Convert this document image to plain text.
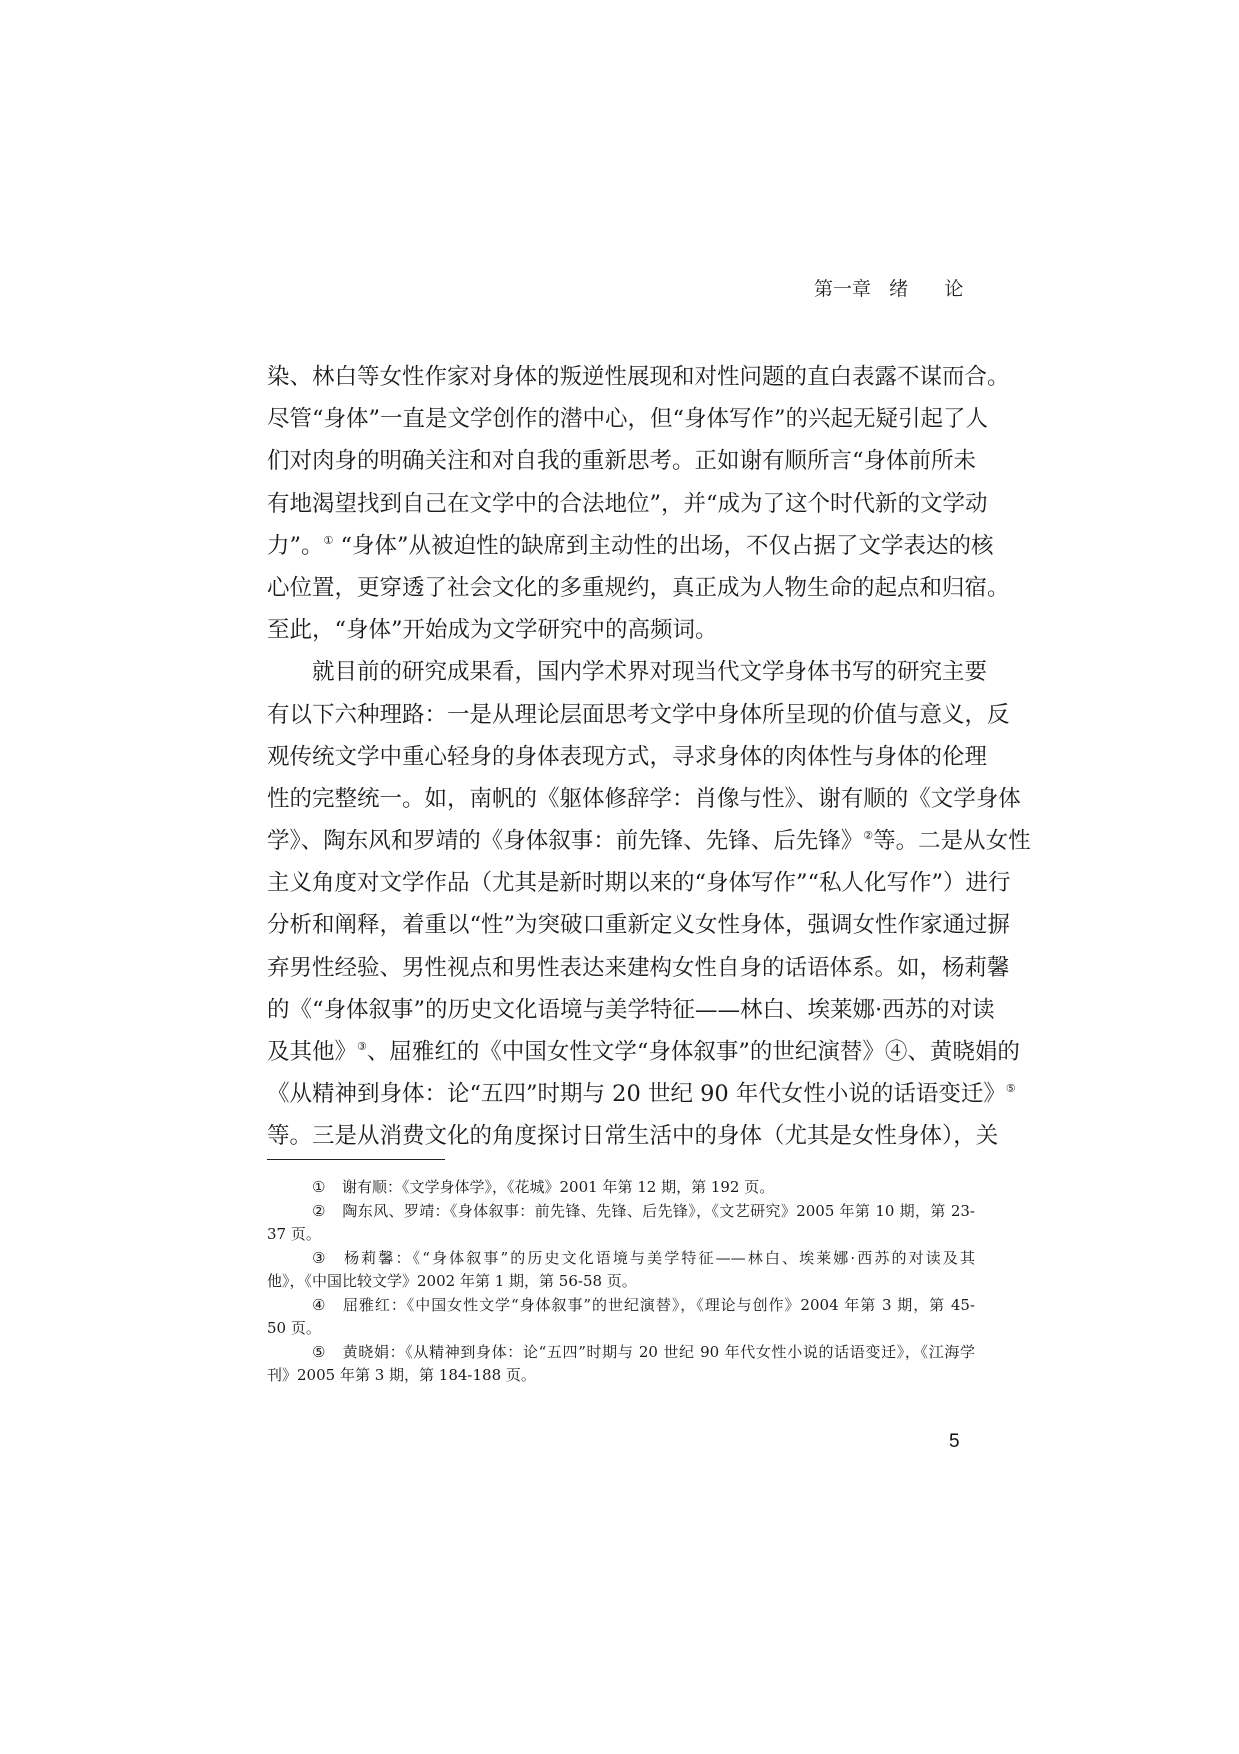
第一章   绪      论
染、林白等女性作家对身体的叛逆性展现和对性问题的直白表露不谋而合。
尽管“身体”一直是文学创作的潜中心，但“身体写作”的兴起无疑引起了人
们对肉身的明确关注和对自我的重新思考。正如谢有顺所言“身体前所未
有地渴望找到自己在文学中的合法地位”，并“成为了这个时代新的文学动
力”。① “身体”从被迫性的缺席到主动性的出场，不仅占据了文学表达的核
心位置，更穿透了社会文化的多重规约，真正成为人物生命的起点和归宿。
至此，“身体”开始成为文学研究中的高频词。
就目前的研究成果看，国内学术界对现当代文学身体书写的研究主要
有以下六种理路：一是从理论层面思考文学中身体所呈现的价值与意义，反
观传统文学中重心轻身的身体表现方式，寻求身体的肉体性与身体的伦理
性的完整统一。如，南帆的《躯体修辞学：肖像与性》、谢有顺的《文学身体
学》、陶东风和罗靖的《身体叙事：前先锋、先锋、后先锋》②等。二是从女性
主义角度对文学作品（尤其是新时期以来的“身体写作”“私人化写作”）进行
分析和阐释，着重以“性”为突破口重新定义女性身体，强调女性作家通过摒
弃男性经验、男性视点和男性表达来建构女性自身的话语体系。如，杨莉馨
的《“身体叙事”的历史文化语境与美学特征——林白、埃莱娜·西苏的对读
及其他》③、屈雅红的《中国女性文学“身体叙事”的世纪演替》④、黄晓娟的
《从精神到身体：论“五四”时期与 20 世纪 90 年代女性小说的话语变迁》⑤
等。三是从消费文化的角度探讨日常生活中的身体（尤其是女性身体），关
① 谢有顺：《文学身体学》，《花城》2001 年第 12 期，第 192 页。
② 陶东风、罗靖：《身体叙事：前先锋、先锋、后先锋》，《文艺研究》2005 年第 10 期，第 23-
37 页。
③ 杨莉馨：《“身体叙事”的历史文化语境与美学特征——林白、埃莱娜·西苏的对读及其
他》，《中国比较文学》2002 年第 1 期，第 56-58 页。
④ 屈雅红：《中国女性文学“身体叙事”的世纪演替》，《理论与创作》2004 年第 3 期，第 45-
50 页。
⑤ 黄晓娟：《从精神到身体：论“五四”时期与 20 世纪 90 年代女性小说的话语变迁》，《江海学
刊》2005 年第 3 期，第 184-188 页。
5
